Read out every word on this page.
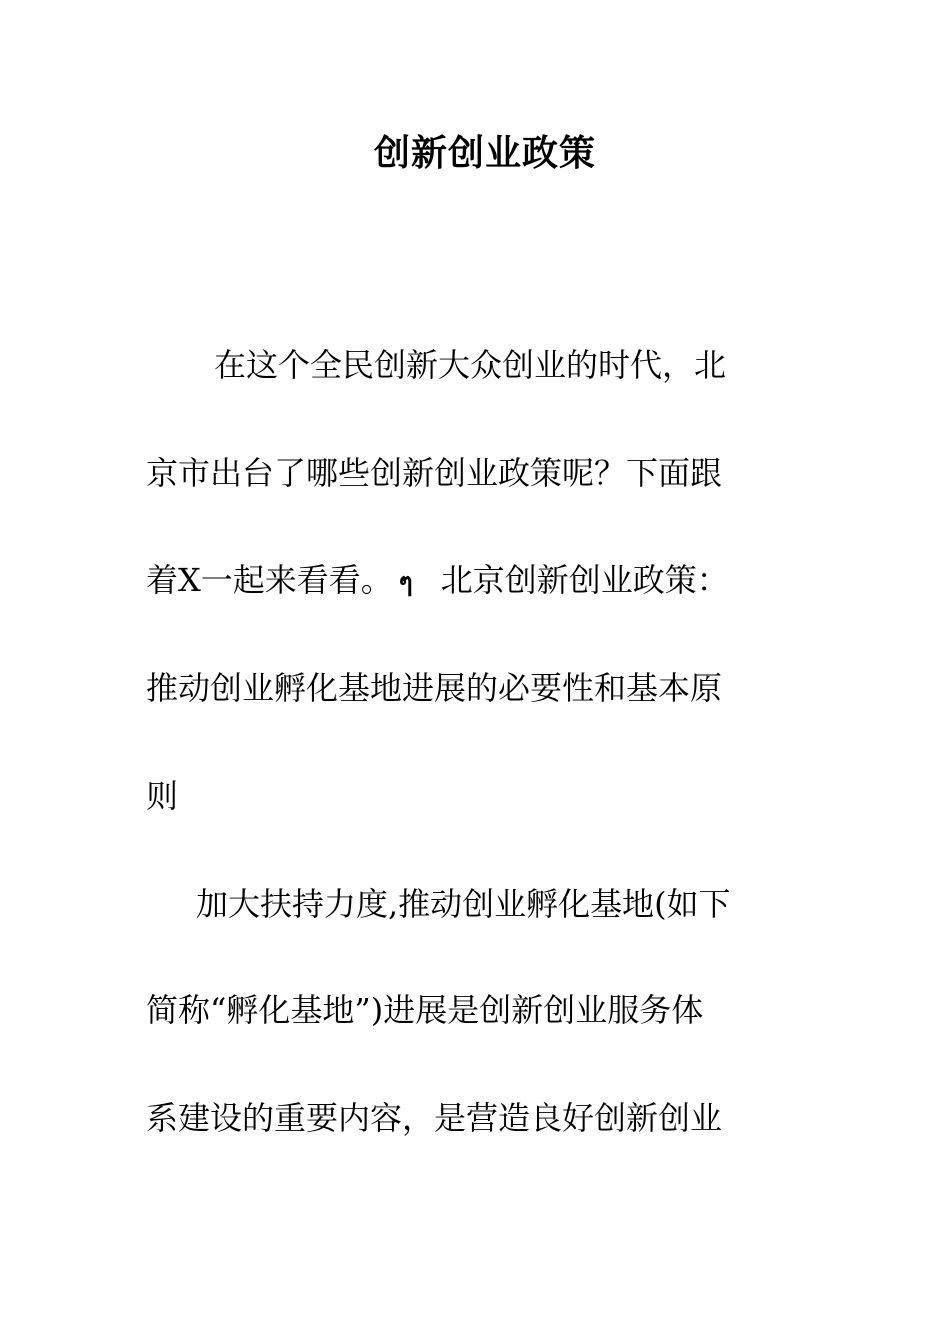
创新创业政策
在这个全民创新大众创业的时代，北
京市出台了哪些创新创业政策呢？下面跟
着X一起来看看。 ๆ 北京创新创业政策：
推动创业孵化基地进展的必要性和基本原
则
加大扶持力度,推动创业孵化基地(如下
简称“孵化基地”)进展是创新创业服务体
系建设的重要内容，是营造良好创新创业
